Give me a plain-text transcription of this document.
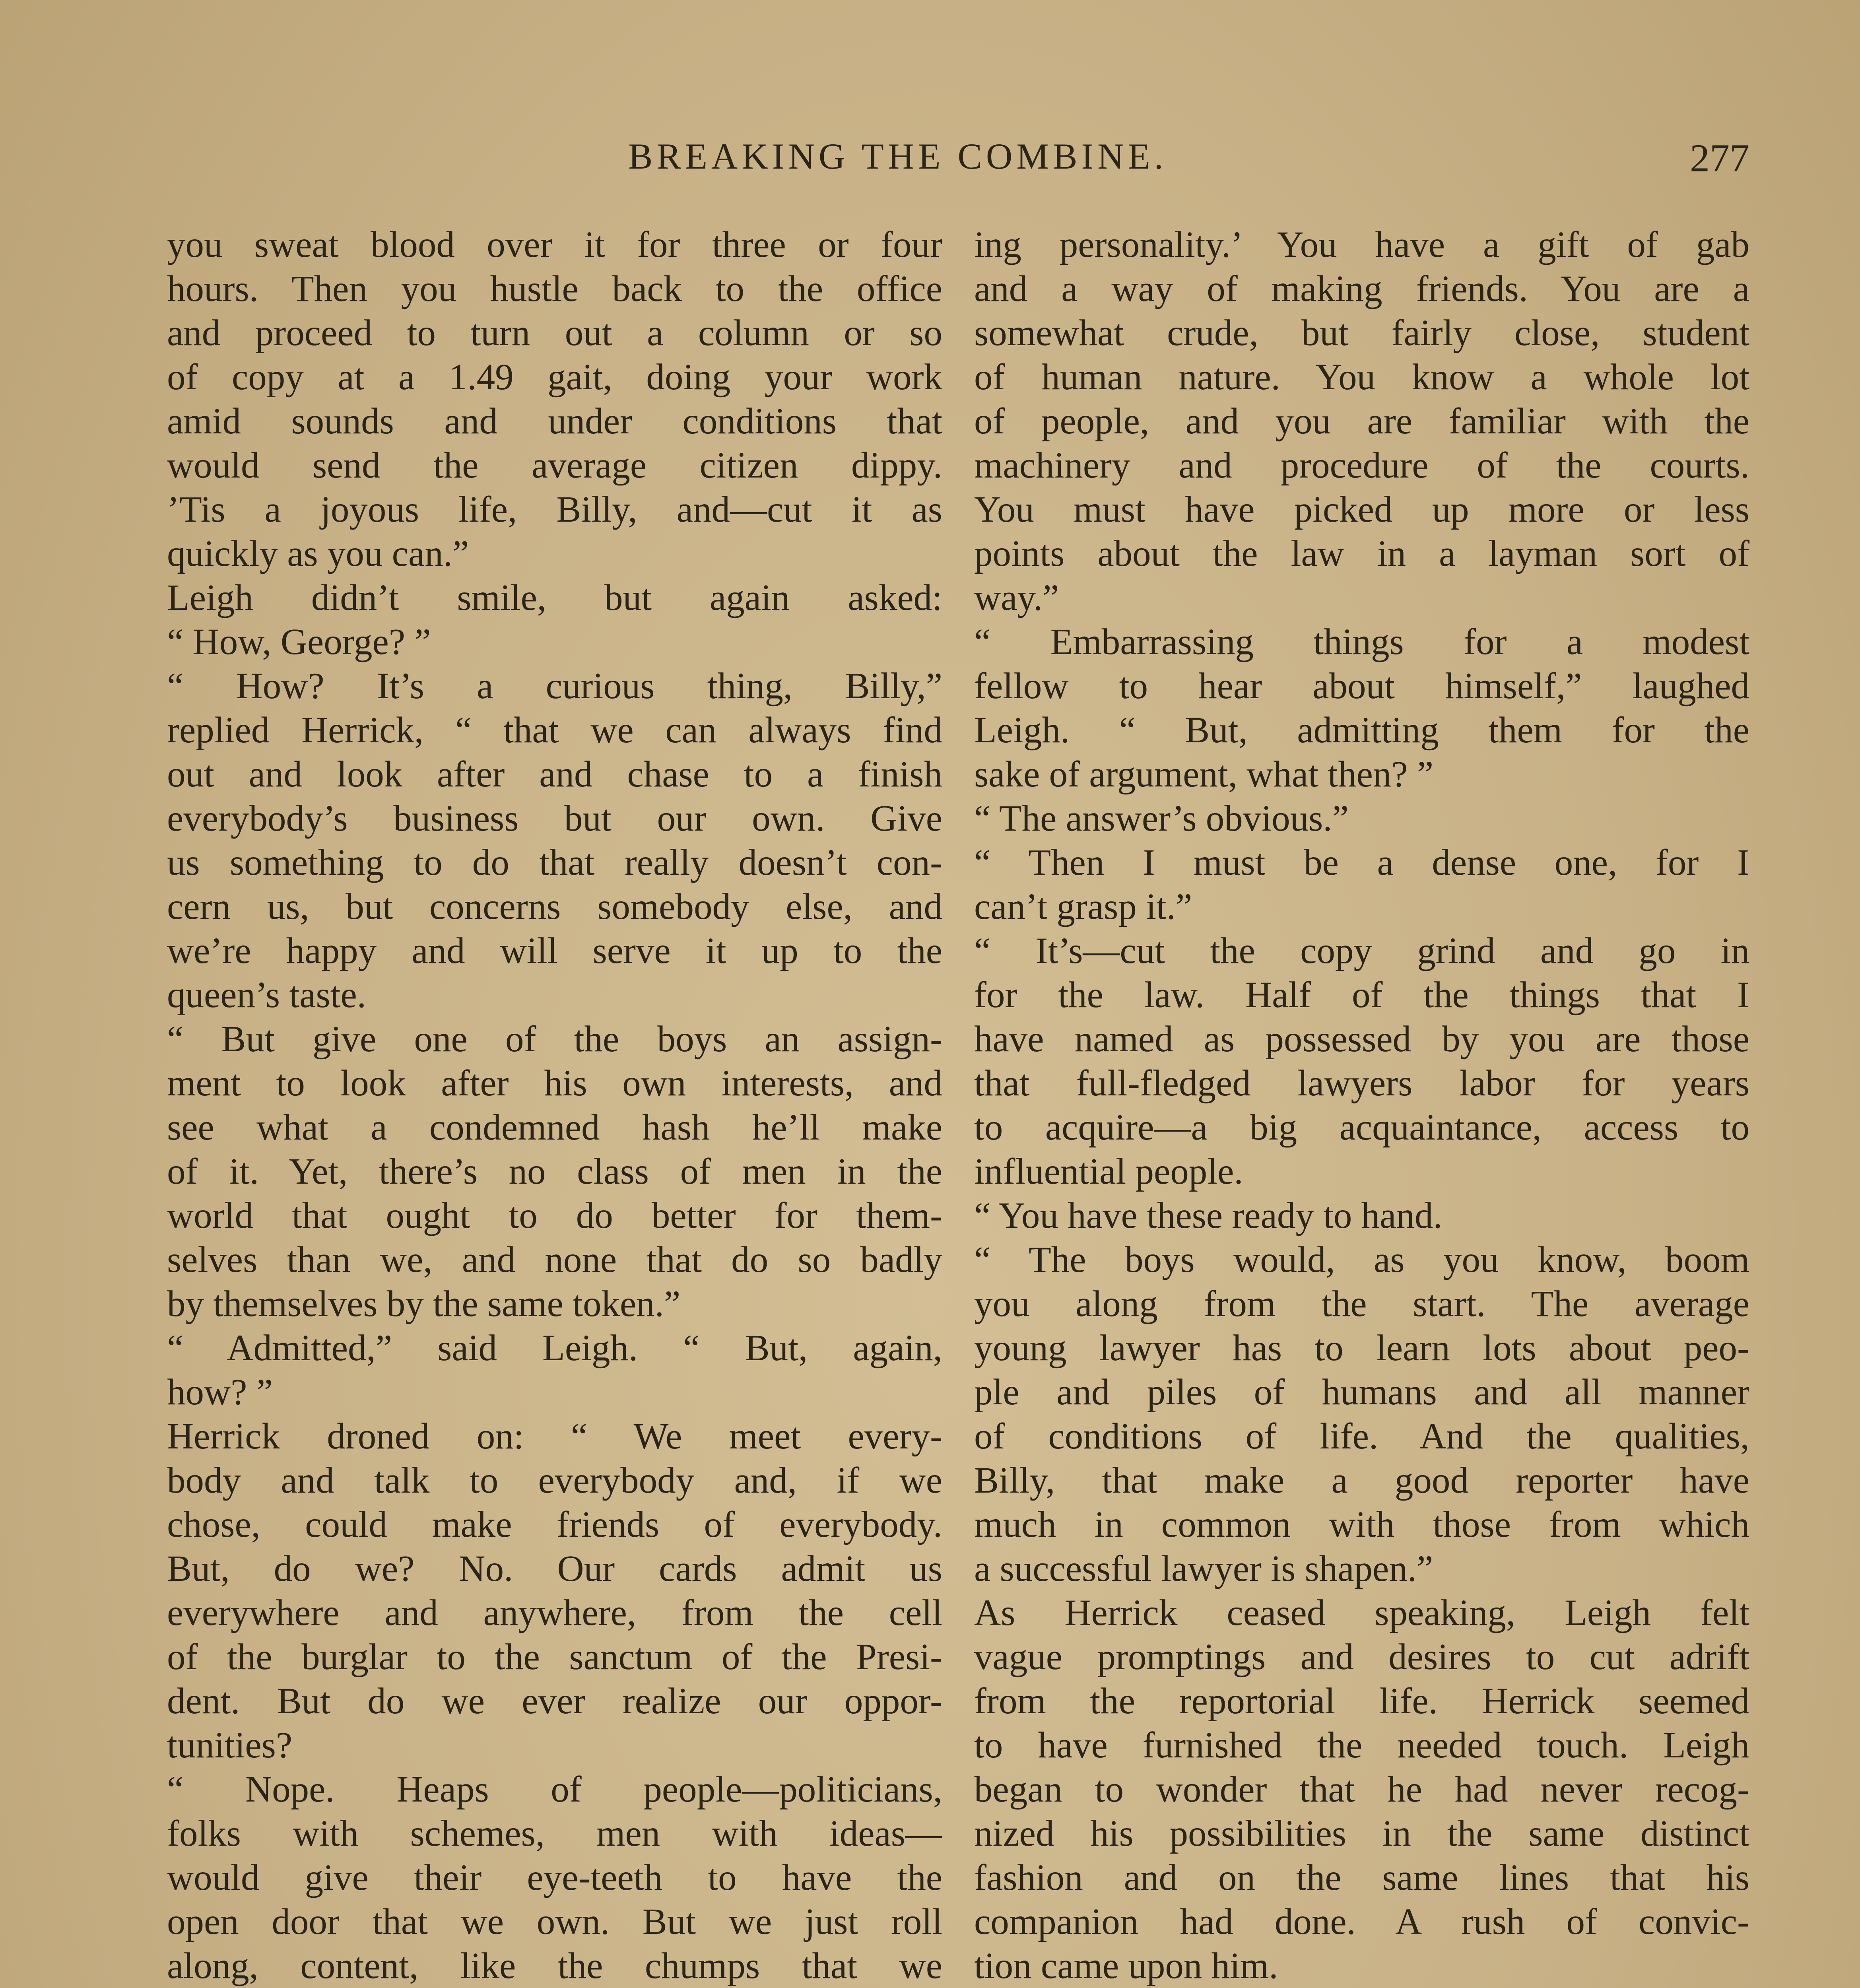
BREAKING THE COMBINE.	277
you sweat blood over it for three or four
hours. Then you hustle back to the office
and proceed to turn out a column or so
of copy at a 1.49 gait, doing your work
amid sounds and under conditions that
would send the average citizen dippy.
’Tis a joyous life, Billy, and—cut it as
quickly as you can.”
Leigh didn’t smile, but again asked:
“ How, George? ”
“ How? It’s a curious thing, Billy,”
replied Herrick, “ that we can always find
out and look after and chase to a finish
everybody’s business but our own. Give
us something to do that really doesn’t con-
cern us, but concerns somebody else, and
we’re happy and will serve it up to the
queen’s taste.
“ But give one of the boys an assign-
ment to look after his own interests, and
see what a condemned hash he’ll make
of it. Yet, there’s no class of men in the
world that ought to do better for them-
selves than we, and none that do so badly
by themselves by the same token.”
“ Admitted,” said Leigh. “ But, again,
how? ”
Herrick droned on: “ We meet every-
body and talk to everybody and, if we
chose, could make friends of everybody.
But, do we? No. Our cards admit us
everywhere and anywhere, from the cell
of the burglar to the sanctum of the Presi-
dent. But do we ever realize our oppor-
tunities?
“ Nope. Heaps of people—politicians,
folks with schemes, men with ideas—
would give their eye-teeth to have the
open door that we own. But we just roll
along, content, like the chumps that we
ing personality.’ You have a gift of gab
and a way of making friends. You are a
somewhat crude, but fairly close, student
of human nature. You know a whole lot
of people, and you are familiar with the
machinery and procedure of the courts.
You must have picked up more or less
points about the law in a layman sort of
way.”
“ Embarrassing things for a modest
fellow to hear about himself,” laughed
Leigh. “ But, admitting them for the
sake of argument, what then? ”
“ The answer’s obvious.”
“ Then I must be a dense one, for I
can’t grasp it.”
“ It’s—cut the copy grind and go in
for the law. Half of the things that I
have named as possessed by you are those
that full-fledged lawyers labor for years
to acquire—a big acquaintance, access to
influential people.
“ You have these ready to hand.
“ The boys would, as you know, boom
you along from the start. The average
young lawyer has to learn lots about peo-
ple and piles of humans and all manner
of conditions of life. And the qualities,
Billy, that make a good reporter have
much in common with those from which
a successful lawyer is shapen.”
As Herrick ceased speaking, Leigh felt
vague promptings and desires to cut adrift
from the reportorial life. Herrick seemed
to have furnished the needed touch. Leigh
began to wonder that he had never recog-
nized his possibilities in the same distinct
fashion and on the same lines that his
companion had done. A rush of convic-
tion came upon him.
